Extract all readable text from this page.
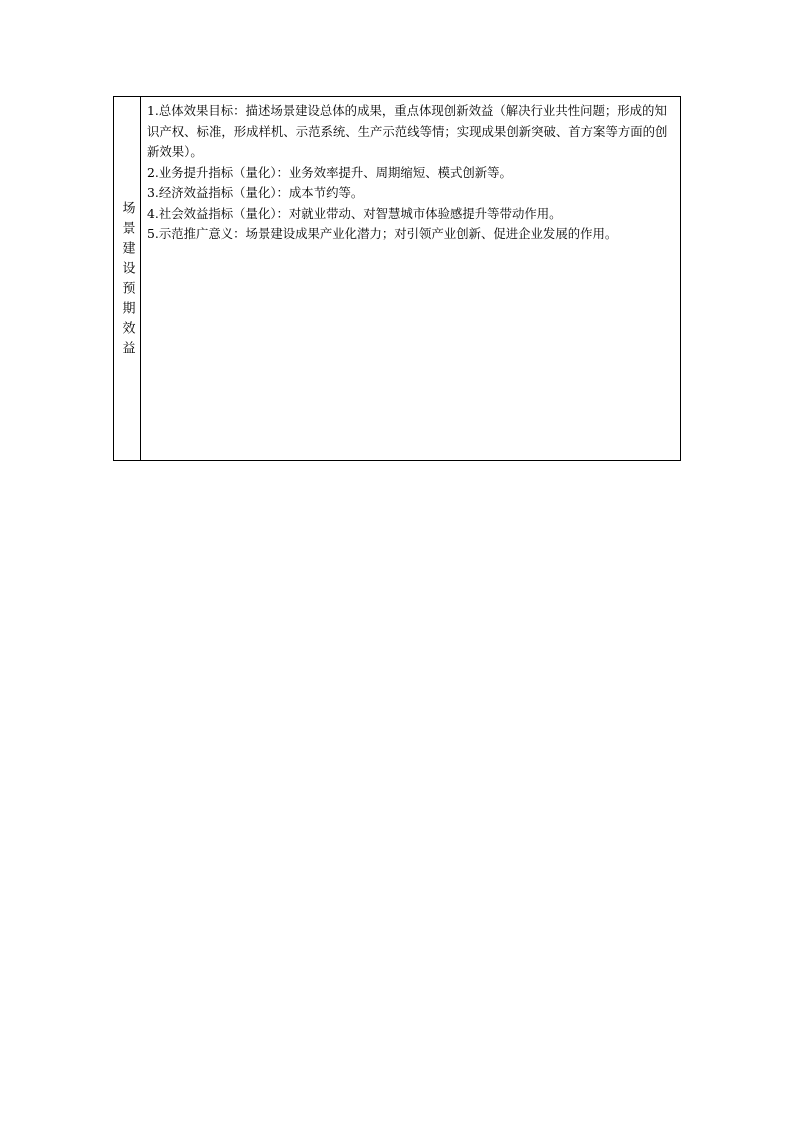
场景建设预期效益

1.总体效果目标：描述场景建设总体的成果，重点体现创新效益（解决行业共性问题；形成的知识产权、标准，形成样机、示范系统、生产示范线等情；实现成果创新突破、首方案等方面的创新效果）。

2.业务提升指标（量化）：业务效率提升、周期缩短、模式创新等。

3.经济效益指标（量化）：成本节约等。

4.社会效益指标（量化）：对就业带动、对智慧城市体验感提升等带动作用。

5.示范推广意义：场景建设成果产业化潜力；对引领产业创新、促进企业发展的作用。
